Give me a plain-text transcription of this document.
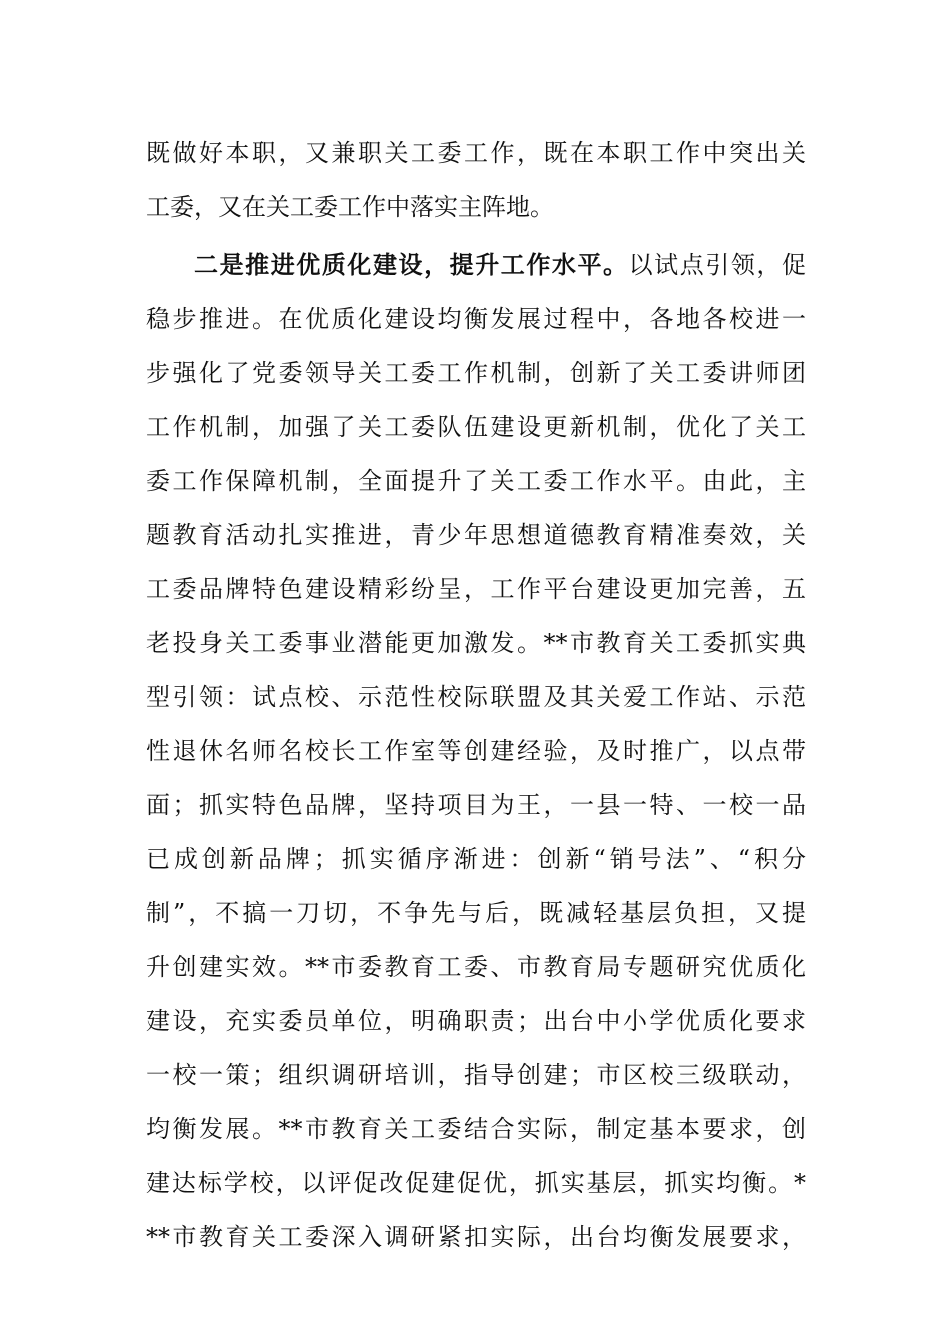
既做好本职，又兼职关工委工作，既在本职工作中突出关
工委，又在关工委工作中落实主阵地。
二是推进优质化建设，提升工作水平。以试点引领，促
稳步推进。在优质化建设均衡发展过程中，各地各校进一
步强化了党委领导关工委工作机制，创新了关工委讲师团
工作机制，加强了关工委队伍建设更新机制，优化了关工
委工作保障机制，全面提升了关工委工作水平。由此，主
题教育活动扎实推进，青少年思想道德教育精准奏效，关
工委品牌特色建设精彩纷呈，工作平台建设更加完善，五
老投身关工委事业潜能更加激发。**市教育关工委抓实典
型引领：试点校、示范性校际联盟及其关爱工作站、示范
性退休名师名校长工作室等创建经验，及时推广，以点带
面；抓实特色品牌，坚持项目为王，一县一特、一校一品
已成创新品牌；抓实循序渐进：创新“销号法”、“积分
制”，不搞一刀切，不争先与后，既减轻基层负担，又提
升创建实效。**市委教育工委、市教育局专题研究优质化
建设，充实委员单位，明确职责；出台中小学优质化要求
一校一策；组织调研培训，指导创建；市区校三级联动，
均衡发展。**市教育关工委结合实际，制定基本要求，创
建达标学校，以评促改促建促优，抓实基层，抓实均衡。*
**市教育关工委深入调研紧扣实际，出台均衡发展要求，
